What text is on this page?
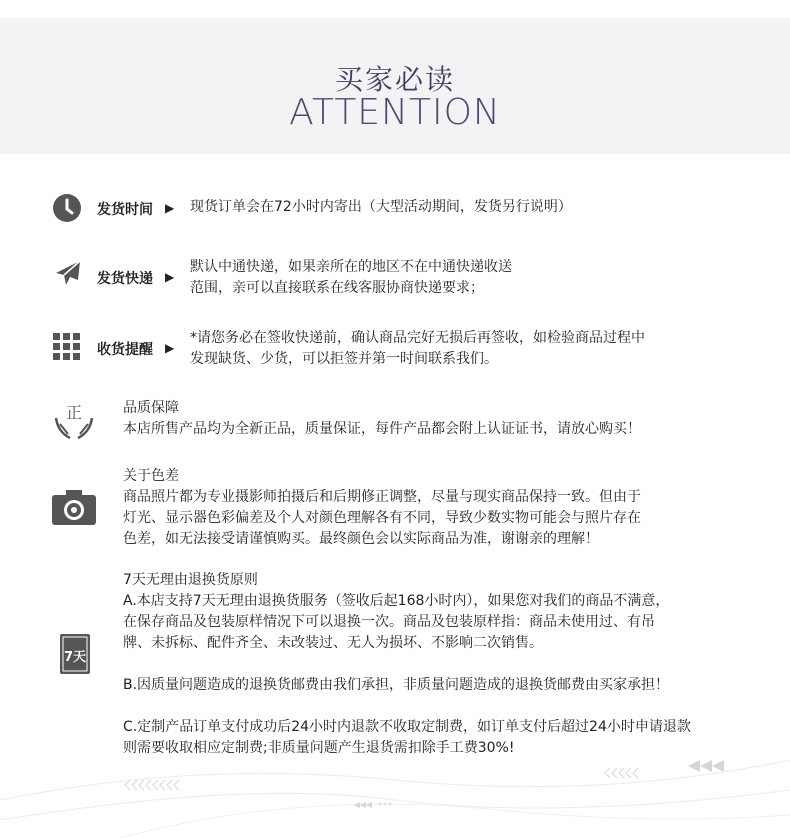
买家必读
ATTENTION
发货时间 ▶ 现货订单会在72小时内寄出（大型活动期间，发货另行说明）
发货快递 ▶
默认中通快递，如果亲所在的地区不在中通快递收送
范围，亲可以直接联系在线客服协商快递要求；
收货提醒 ▶
*请您务必在签收快递前，确认商品完好无损后再签收，如检验商品过程中
发现缺货、少货，可以拒签并第一时间联系我们。
正	品质保障
本店所售产品均为全新正品，质量保证，每件产品都会附上认证证书，请放心购买！
关于色差
商品照片都为专业摄影师拍摄后和后期修正调整，尽量与现实商品保持一致。但由于
灯光、显示器色彩偏差及个人对颜色理解各有不同，导致少数实物可能会与照片存在
色差，如无法接受请谨慎购买。最终颜色会以实际商品为准，谢谢亲的理解！
7天
7天无理由退换货原则
A.本店支持7天无理由退换货服务（签收后起168小时内），如果您对我们的商品不满意，
在保存商品及包装原样情况下可以退换一次。商品及包装原样指：商品未使用过、有吊
牌、未拆标、配件齐全、未改装过、无人为损坏、不影响二次销售。
B.因质量问题造成的退换货邮费由我们承担，非质量问题造成的退换货邮费由买家承担！
C.定制产品订单支付成功后24小时内退款不收取定制费，如订单支付后超过24小时申请退款
则需要收取相应定制费;非质量问题产生退货需扣除手工费30%!
